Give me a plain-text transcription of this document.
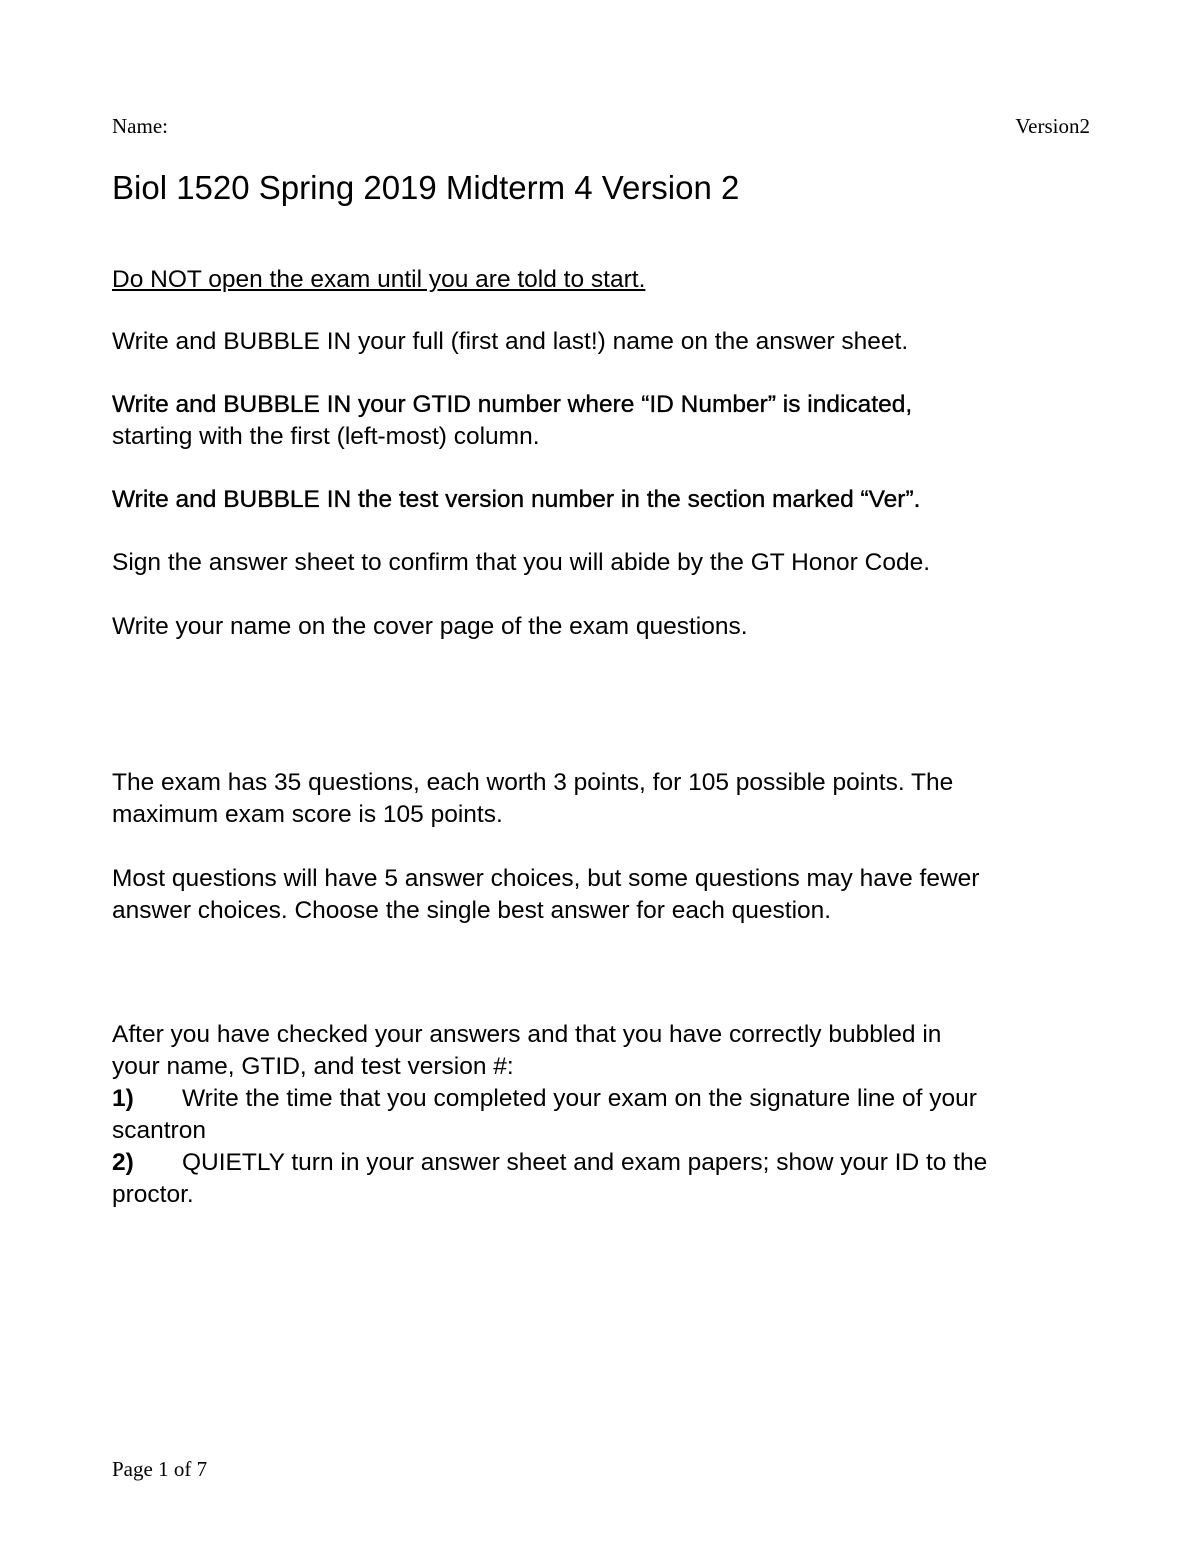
Name:	Version2
Biol 1520 Spring 2019 Midterm 4 Version 2

Do NOT open the exam until you are told to start.

Write and BUBBLE IN your full (first and last!) name on the answer sheet.

Write and BUBBLE IN your GTID number where “ID Number” is indicated,

starting with the first (left-most) column.

Write and BUBBLE IN the test version number in the section marked “Ver”.

Sign the answer sheet to confirm that you will abide by the GT Honor Code.

Write your name on the cover page of the exam questions.

The exam has 35 questions, each worth 3 points, for 105 possible points. The

maximum exam score is 105 points.

Most questions will have 5 answer choices, but some questions may have fewer

answer choices. Choose the single best answer for each question.

After you have checked your answers and that you have correctly bubbled in

your name, GTID, and test version #:

1) Write the time that you completed your exam on the signature line of your

scantron

2) QUIETLY turn in your answer sheet and exam papers; show your ID to the

proctor.

Page 1 of 7
